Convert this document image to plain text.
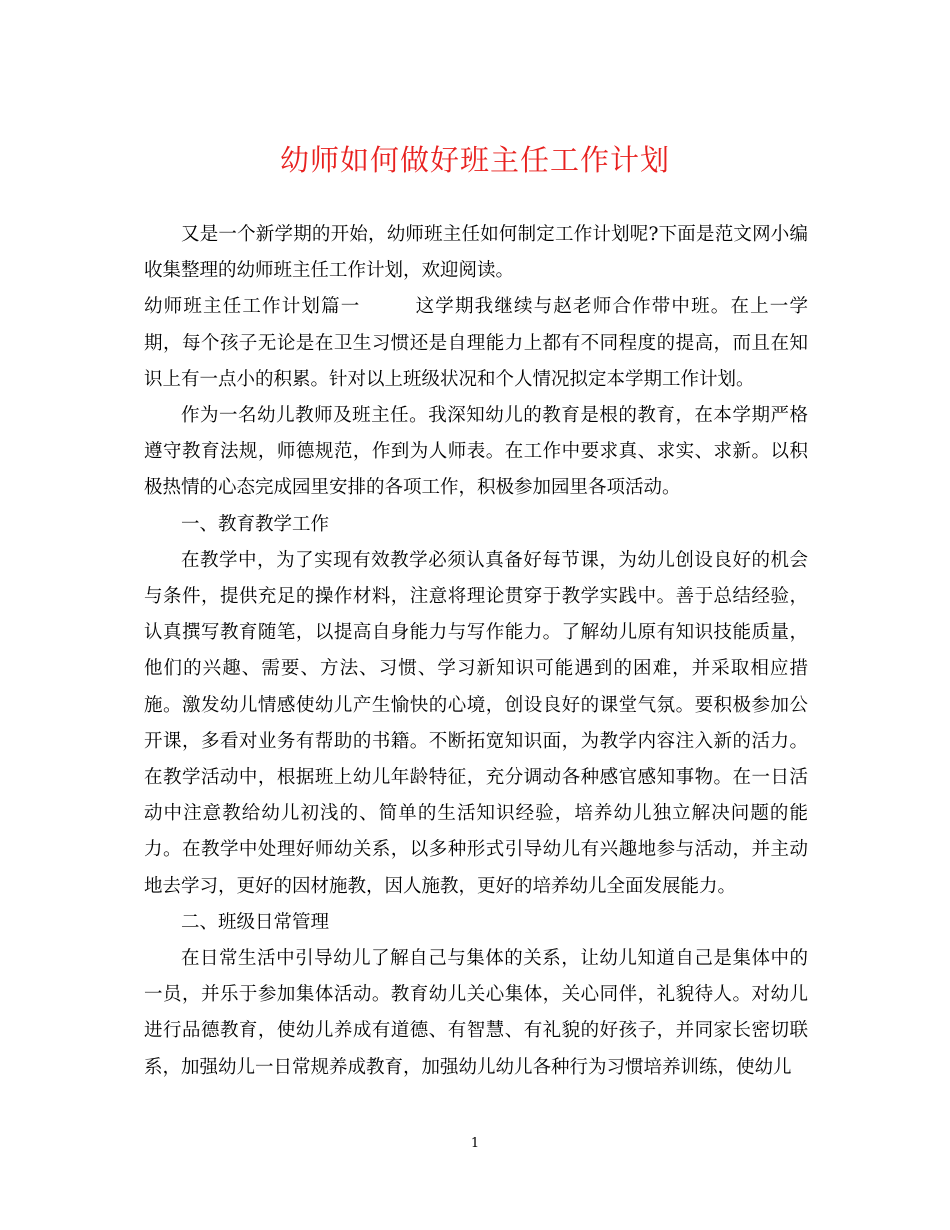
幼师如何做好班主任工作计划

又是一个新学期的开始，幼师班主任如何制定工作计划呢?下面是范文网小编收集整理的幼师班主任工作计划，欢迎阅读。

幼师班主任工作计划篇一	这学期我继续与赵老师合作带中班。在上一学期，每个孩子无论是在卫生习惯还是自理能力上都有不同程度的提高，而且在知识上有一点小的积累。针对以上班级状况和个人情况拟定本学期工作计划。

作为一名幼儿教师及班主任。我深知幼儿的教育是根的教育，在本学期严格遵守教育法规，师德规范，作到为人师表。在工作中要求真、求实、求新。以积极热情的心态完成园里安排的各项工作，积极参加园里各项活动。

一、教育教学工作

在教学中，为了实现有效教学必须认真备好每节课，为幼儿创设良好的机会与条件，提供充足的操作材料，注意将理论贯穿于教学实践中。善于总结经验，认真撰写教育随笔，以提高自身能力与写作能力。了解幼儿原有知识技能质量，他们的兴趣、需要、方法、习惯、学习新知识可能遇到的困难，并采取相应措施。激发幼儿情感使幼儿产生愉快的心境，创设良好的课堂气氛。要积极参加公开课，多看对业务有帮助的书籍。不断拓宽知识面，为教学内容注入新的活力。在教学活动中，根据班上幼儿年龄特征，充分调动各种感官感知事物。在一日活动中注意教给幼儿初浅的、简单的生活知识经验，培养幼儿独立解决问题的能力。在教学中处理好师幼关系，以多种形式引导幼儿有兴趣地参与活动，并主动地去学习，更好的因材施教，因人施教，更好的培养幼儿全面发展能力。

二、班级日常管理

在日常生活中引导幼儿了解自己与集体的关系，让幼儿知道自己是集体中的一员，并乐于参加集体活动。教育幼儿关心集体，关心同伴，礼貌待人。对幼儿进行品德教育，使幼儿养成有道德、有智慧、有礼貌的好孩子，并同家长密切联系，加强幼儿一日常规养成教育，加强幼儿幼儿各种行为习惯培养训练，使幼儿

1
